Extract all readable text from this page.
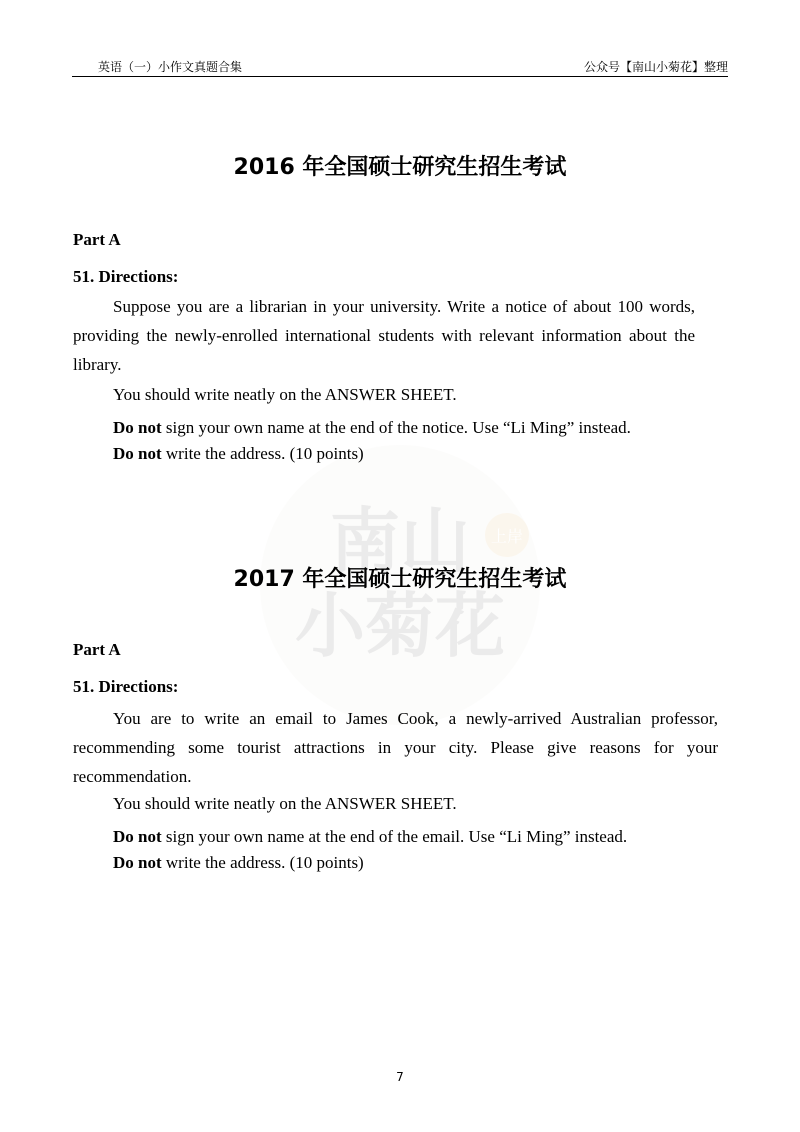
英语（一）小作文真题合集	公众号【南山小菊花】整理
南山
小菊花
上岸
2016 年全国硕士研究生招生考试
Part A
51. Directions:
Suppose you are a librarian in your university. Write a notice of about 100 words, providing the newly-enrolled international students with relevant information about the library.
You should write neatly on the ANSWER SHEET.
Do not sign your own name at the end of the notice. Use “Li Ming” instead.
Do not write the address. (10 points)
2017 年全国硕士研究生招生考试
Part A
51. Directions:
You are to write an email to James Cook, a newly-arrived Australian professor, recommending some tourist attractions in your city. Please give reasons for your recommendation.
You should write neatly on the ANSWER SHEET.
Do not sign your own name at the end of the email. Use “Li Ming” instead.
Do not write the address. (10 points)
7
